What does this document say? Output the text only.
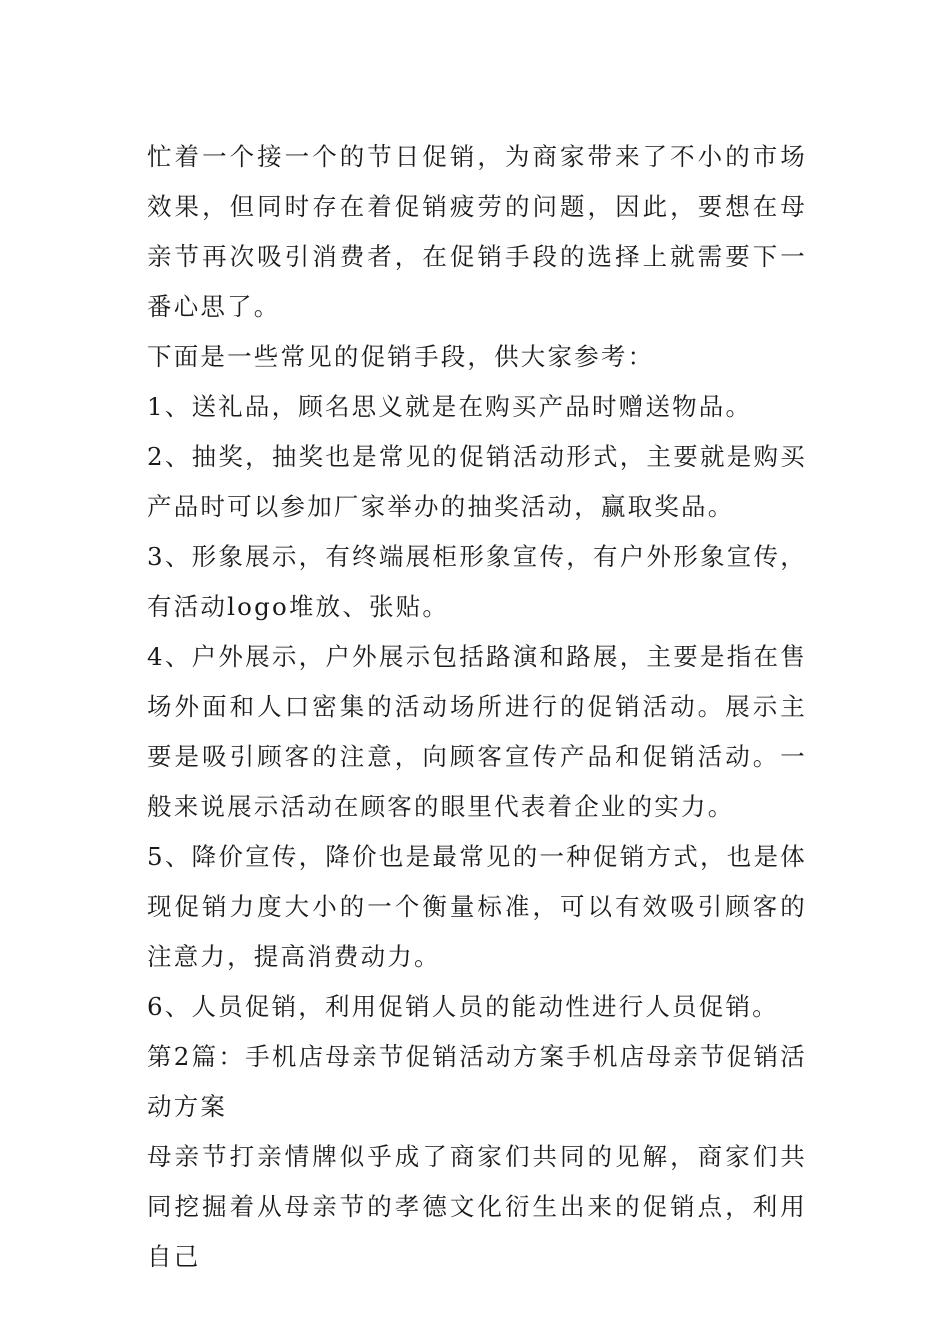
忙着一个接一个的节日促销，为商家带来了不小的市场效果，但同时存在着促销疲劳的问题，因此，要想在母亲节再次吸引消费者，在促销手段的选择上就需要下一番心思了。

下面是一些常见的促销手段，供大家参考：

1、送礼品，顾名思义就是在购买产品时赠送物品。

2、抽奖，抽奖也是常见的促销活动形式，主要就是购买产品时可以参加厂家举办的抽奖活动，赢取奖品。

3、形象展示，有终端展柜形象宣传，有户外形象宣传，有活动logo堆放、张贴。

4、户外展示，户外展示包括路演和路展，主要是指在售场外面和人口密集的活动场所进行的促销活动。展示主要是吸引顾客的注意，向顾客宣传产品和促销活动。一般来说展示活动在顾客的眼里代表着企业的实力。

5、降价宣传，降价也是最常见的一种促销方式，也是体现促销力度大小的一个衡量标准，可以有效吸引顾客的注意力，提高消费动力。

6、人员促销，利用促销人员的能动性进行人员促销。

第2篇：手机店母亲节促销活动方案手机店母亲节促销活动方案

母亲节打亲情牌似乎成了商家们共同的见解，商家们共同挖掘着从母亲节的孝德文化衍生出来的促销点，利用自己
